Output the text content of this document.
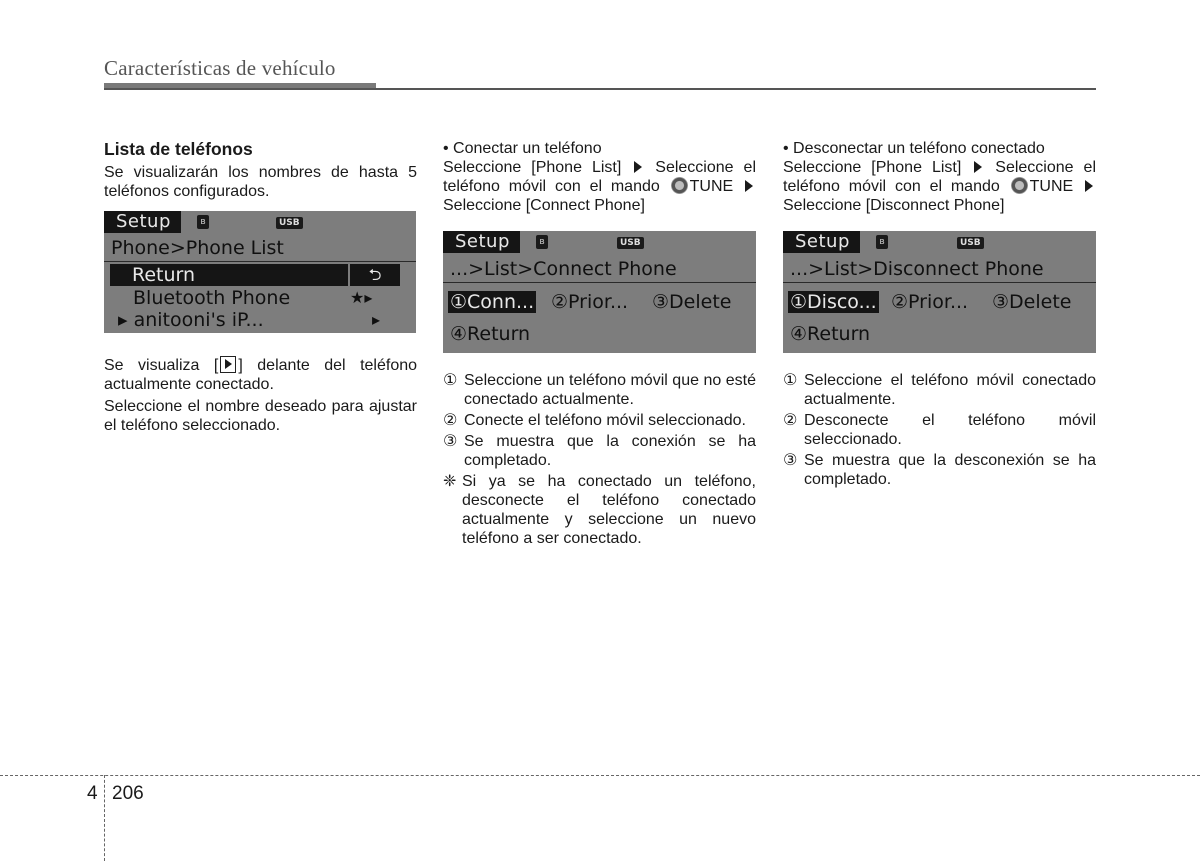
Características de vehículo

Lista de teléfonos

Se visualizarán los nombres de hasta 5 teléfonos configurados.

Setup	ʙ	USB
Phone>Phone List
Return	⮌
Bluetooth Phone	★▸
▸ anitooni's iP...	▸

Se visualiza [ ] delante del teléfono actualmente conectado.

Seleccione el nombre deseado para ajustar el teléfono seleccionado.

• Conectar un teléfono

Seleccione [Phone List]  Seleccione el teléfono móvil con el mando TUNE  Seleccione [Connect Phone]

Setup	ʙ	USB
...>List>Connect Phone
①Conn... ②Prior... ③Delete
④Return
① Seleccione un teléfono móvil que no esté conectado actualmente.
② Conecte el teléfono móvil seleccionado.
③ Se muestra que la conexión se ha completado.
❈ Si ya se ha conectado un teléfono, desconecte el teléfono conectado actualmente y seleccione un nuevo teléfono a ser conectado.

• Desconectar un teléfono conectado

Seleccione [Phone List]  Seleccione el teléfono móvil con el mando TUNE  Seleccione [Disconnect Phone]

Setup	ʙ	USB
...>List>Disconnect Phone
①Disco... ②Prior... ③Delete
④Return
① Seleccione el teléfono móvil conectado actualmente.
② Desconecte el teléfono móvil seleccionado.
③ Se muestra que la desconexión se ha completado.
4 206
